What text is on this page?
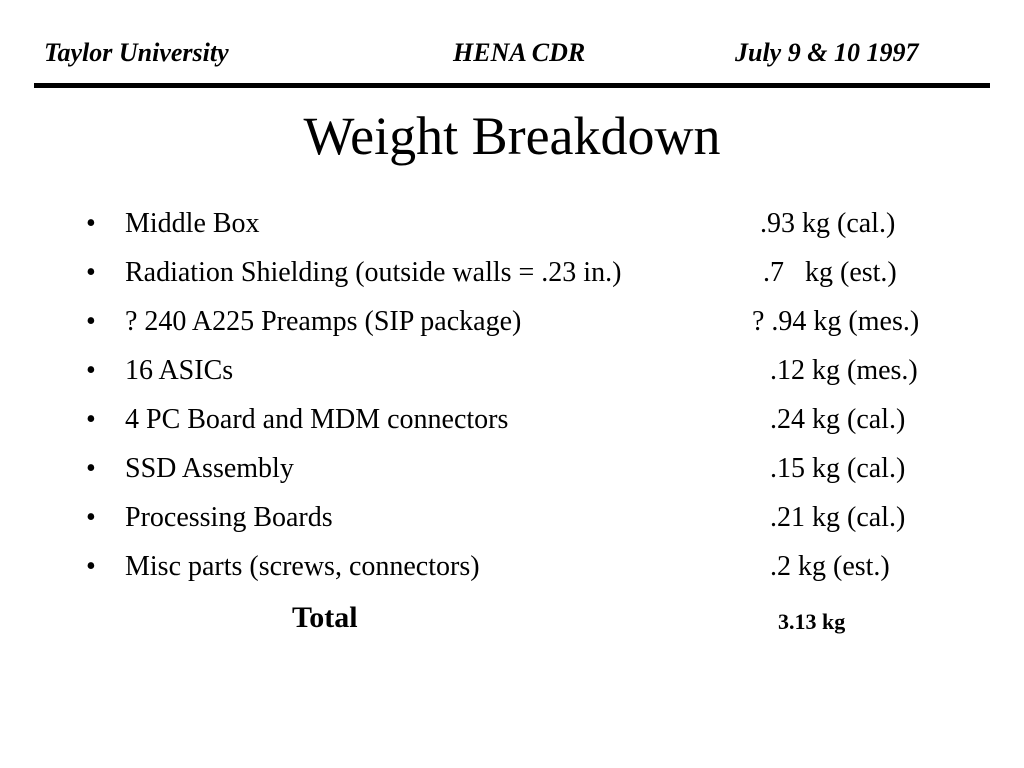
Taylor University	HENA CDR	July 9 & 10 1997
Weight Breakdown
• Middle Box	.93 kg (cal.)
• Radiation Shielding (outside walls = .23 in.)	.7   kg (est.)
• ? 240 A225 Preamps (SIP package)	? .94 kg (mes.)
• 16 ASICs	.12 kg (mes.)
• 4 PC Board and MDM connectors	.24 kg (cal.)
• SSD Assembly	.15 kg (cal.)
• Processing Boards	.21 kg (cal.)
• Misc parts (screws, connectors)	.2 kg (est.)
Total	3.13 kg
